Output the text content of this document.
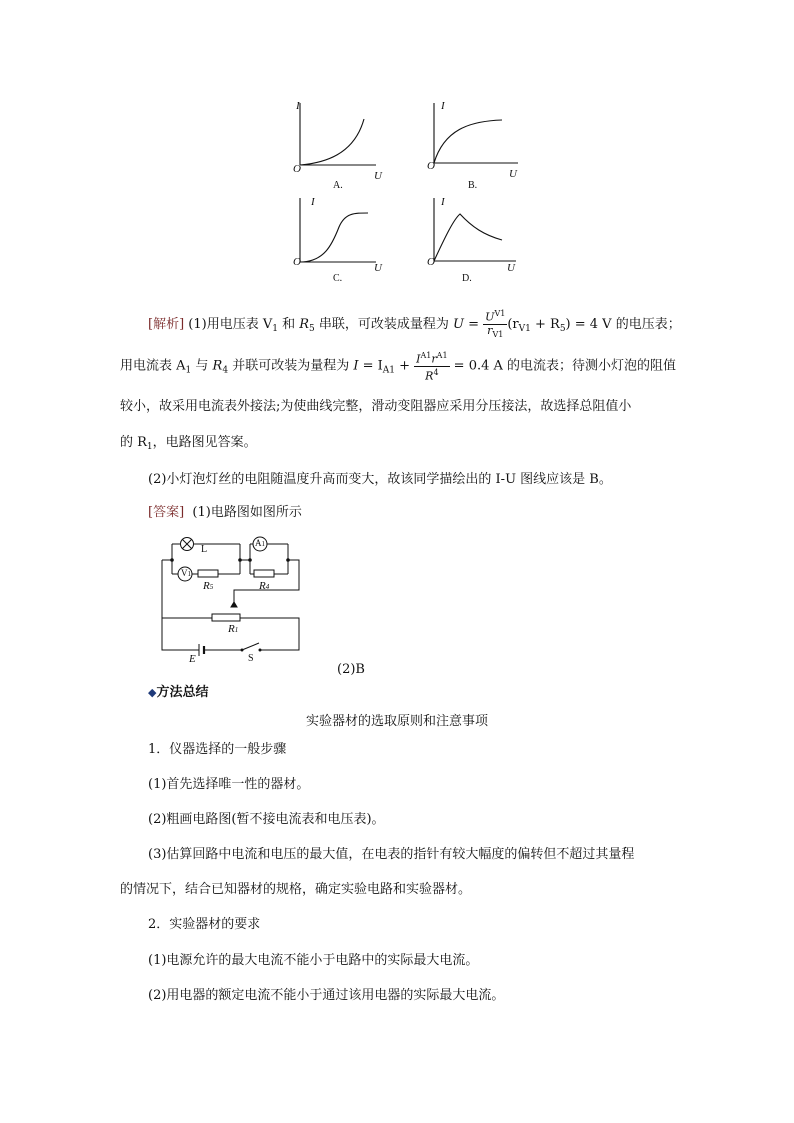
I
O
U
A.
I
O
U
B.
I
O	U
C.
I
O	U
D.
[解析] (1)用电压表 $V_1$ 和 $R_5$ 串联，可改装成量程为 $U = \frac{U^{V1}}{r_{V1}} (r_{V1} + R_5) = 4$ V 的电压表；
用电流表 $A_1$ 与 $R_4$ 并联可改装为量程为 $I = I_{A1} + \frac{I^{A1}r^{A1}}{R^4} = 0.4$ A 的电流表；待测小灯泡的阻值
较小，故采用电流表外接法;为使曲线完整，滑动变阻器应采用分压接法，故选择总阻值小
的 $R_1$，电路图见答案。
(2)小灯泡灯丝的电阻随温度升高而变大，故该同学描绘出的 I-U 图线应该是 B。
[答案] (1)电路图如图所示
L
V1
A1
R5	R4
R1
E	S
(2)B
◆方法总结
实验器材的选取原则和注意事项
1．仪器选择的一般步骤
(1)首先选择唯一性的器材。
(2)粗画电路图(暂不接电流表和电压表)。
(3)估算回路中电流和电压的最大值，在电表的指针有较大幅度的偏转但不超过其量程
的情况下，结合已知器材的规格，确定实验电路和实验器材。
2．实验器材的要求
(1)电源允许的最大电流不能小于电路中的实际最大电流。
(2)用电器的额定电流不能小于通过该用电器的实际最大电流。
